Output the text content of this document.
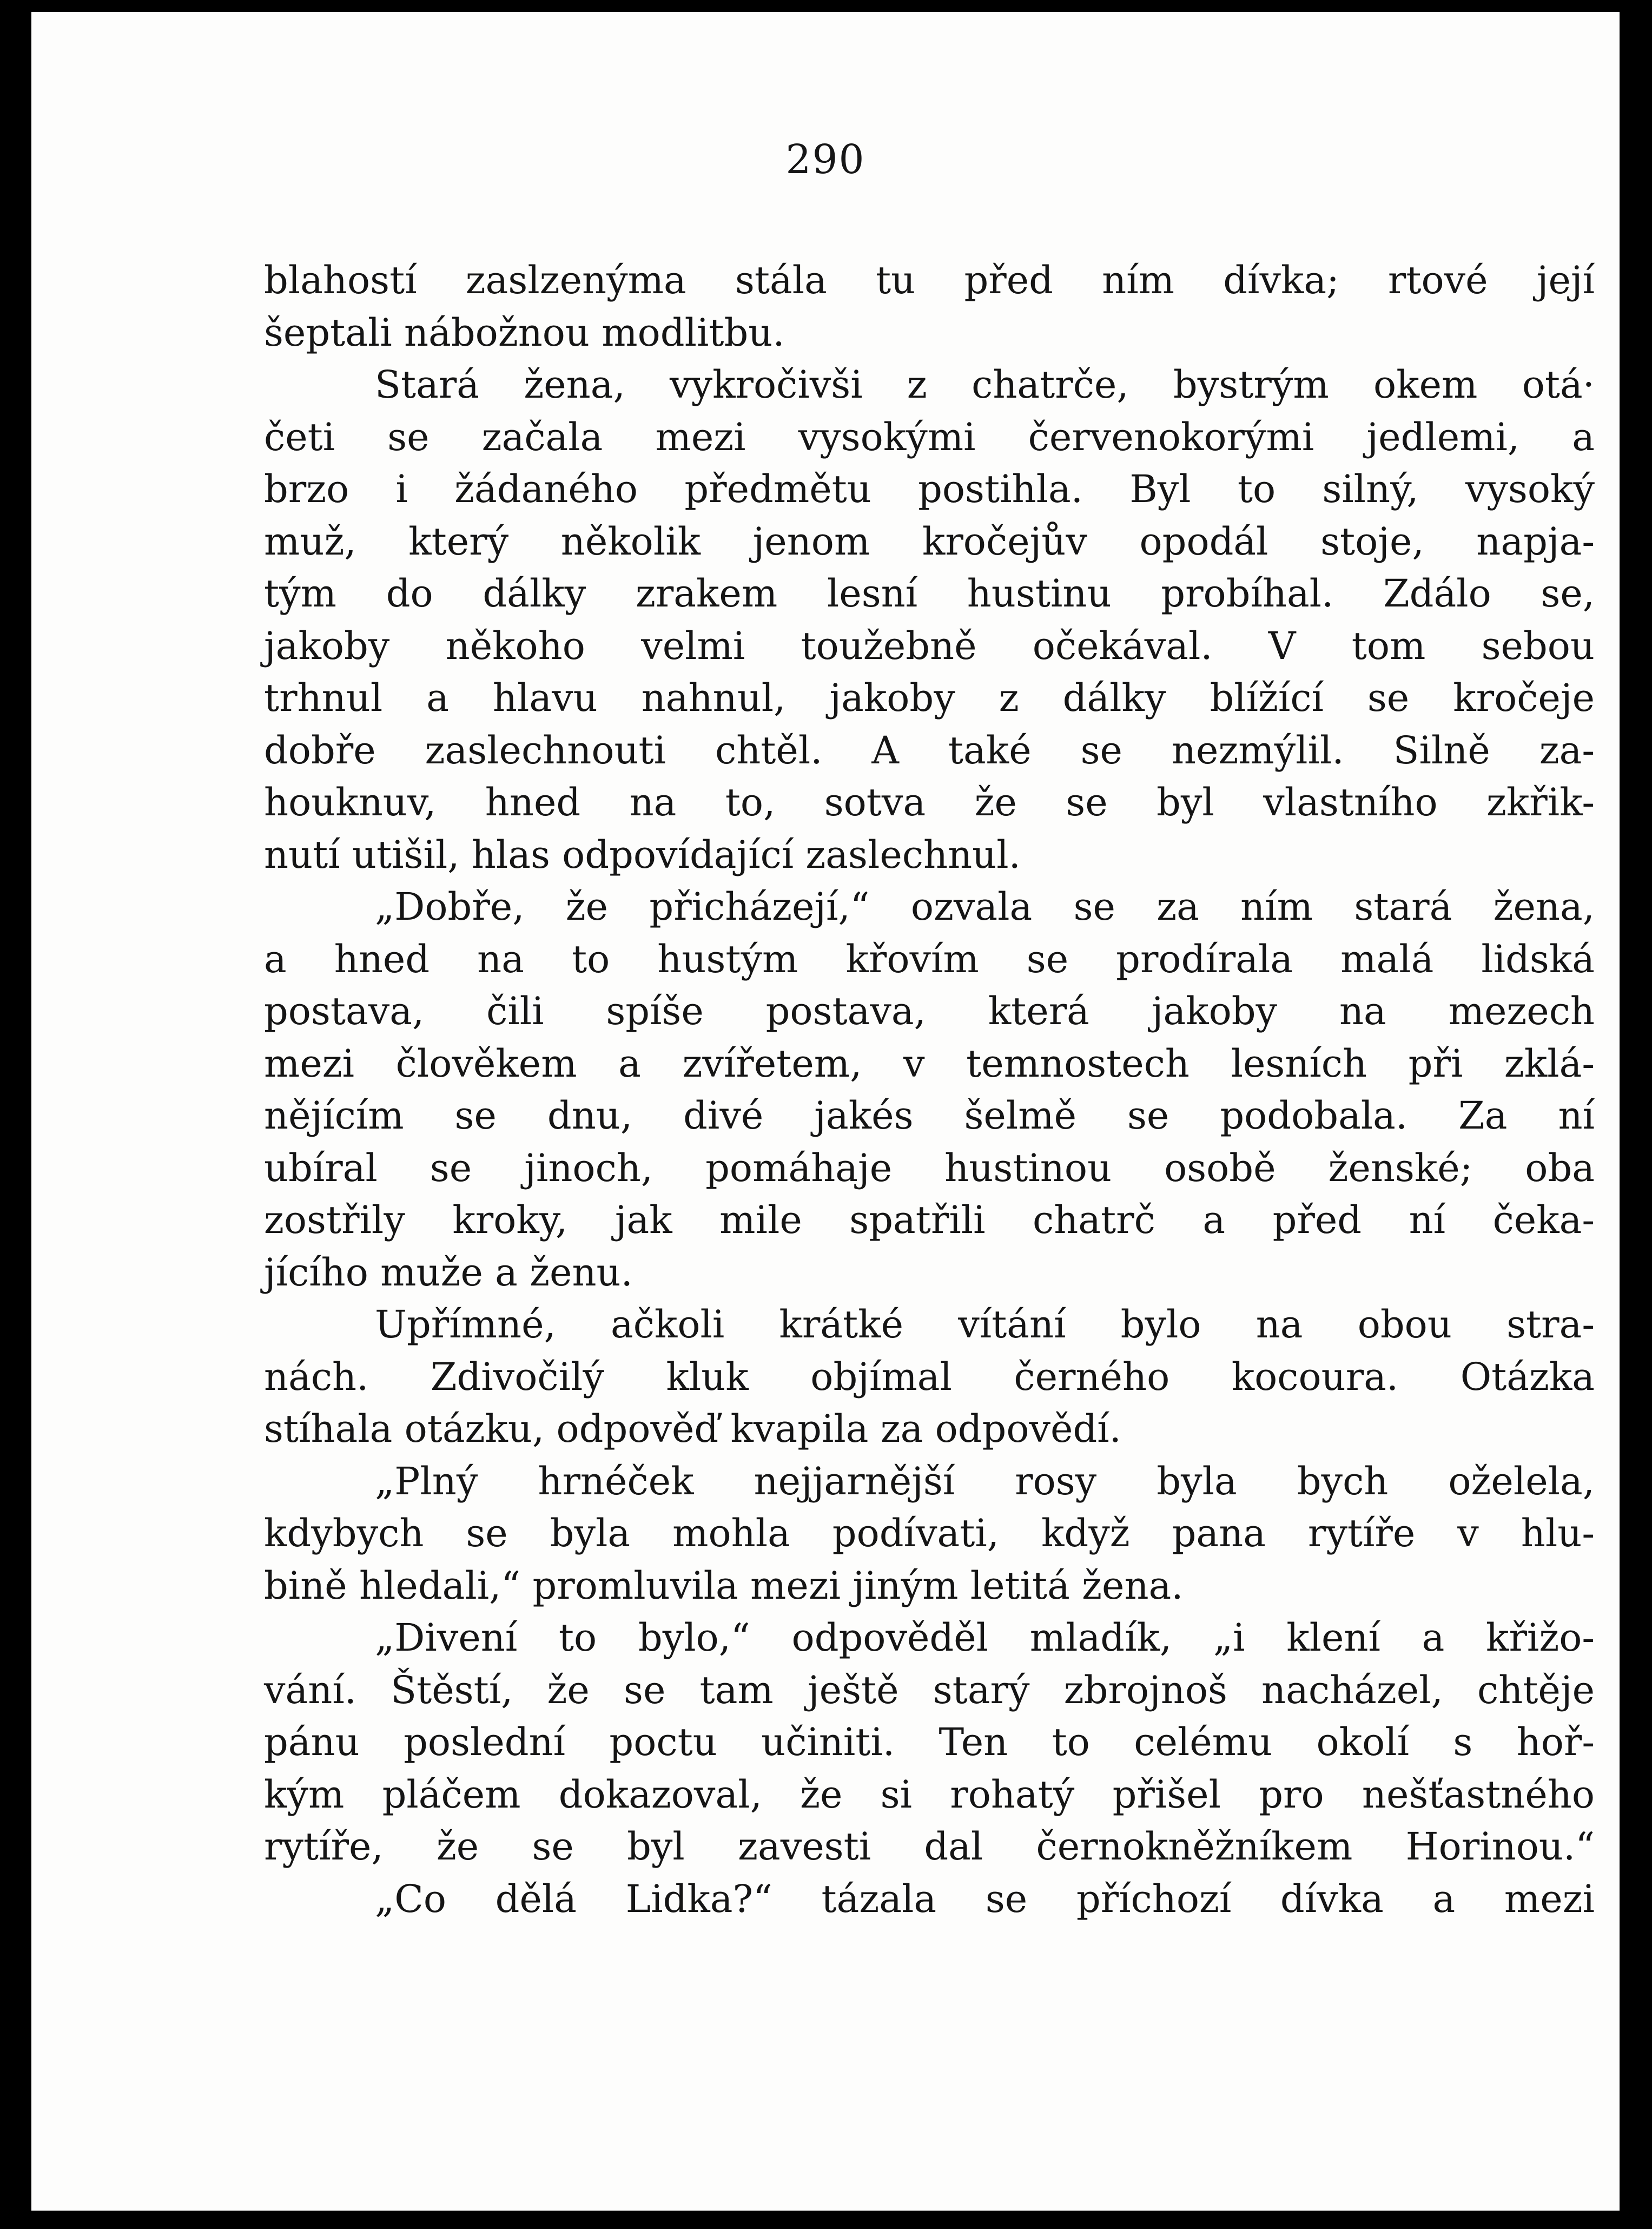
290
blahostí zaslzenýma stála tu před ním dívka; rtové její
šeptali nábožnou modlitbu.
Stará žena, vykročivši z chatrče, bystrým okem otá·
četi se začala mezi vysokými červenokorými jedlemi, a
brzo i žádaného předmětu postihla. Byl to silný, vysoký
muž, který několik jenom kročejův opodál stoje, napja-
tým do dálky zrakem lesní hustinu probíhal. Zdálo se,
jakoby někoho velmi toužebně očekával. V tom sebou
trhnul a hlavu nahnul, jakoby z dálky blížící se kročeje
dobře zaslechnouti chtěl. A také se nezmýlil. Silně za-
houknuv, hned na to, sotva že se byl vlastního zkřik-
nutí utišil, hlas odpovídající zaslechnul.
„Dobře, že přicházejí,“ ozvala se za ním stará žena,
a hned na to hustým křovím se prodírala malá lidská
postava, čili spíše postava, která jakoby na mezech
mezi člověkem a zvířetem, v temnostech lesních při zklá-
nějícím se dnu, divé jakés šelmě se podobala. Za ní
ubíral se jinoch, pomáhaje hustinou osobě ženské; oba
zostřily kroky, jak mile spatřili chatrč a před ní čeka-
jícího muže a ženu.
Upřímné, ačkoli krátké vítání bylo na obou stra-
nách. Zdivočilý kluk objímal černého kocoura. Otázka
stíhala otázku, odpověď kvapila za odpovědí.
„Plný hrnéček nejjarnější rosy byla bych oželela,
kdybych se byla mohla podívati, když pana rytíře v hlu-
bině hledali,“ promluvila mezi jiným letitá žena.
„Divení to bylo,“ odpověděl mladík, „i klení a křižo-
vání. Štěstí, že se tam ještě starý zbrojnoš nacházel, chtěje
pánu poslední poctu učiniti. Ten to celému okolí s hoř-
kým pláčem dokazoval, že si rohatý přišel pro nešťastného
rytíře, že se byl zavesti dal černokněžníkem Horinou.“
„Co dělá Lidka?“ tázala se příchozí dívka a mezi
